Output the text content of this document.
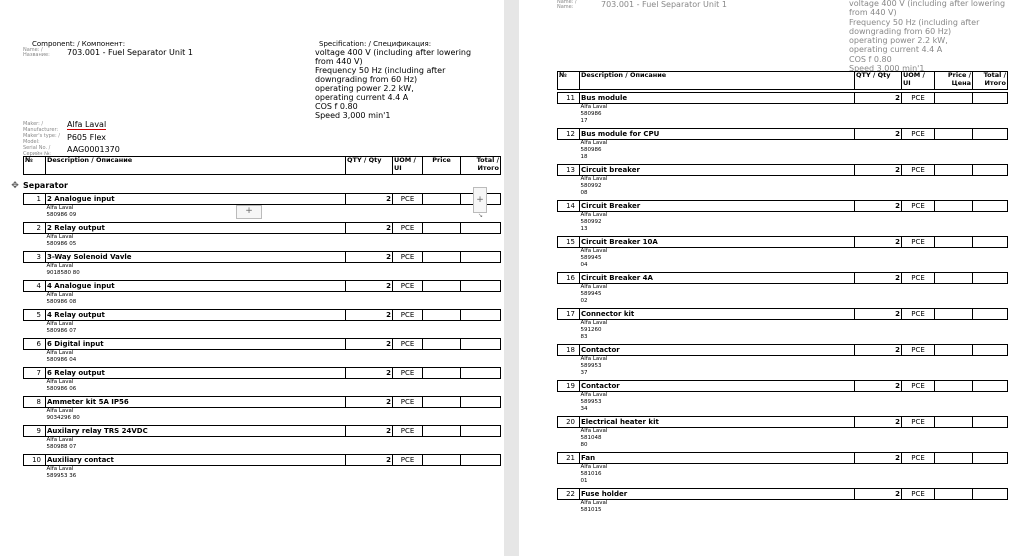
Component: / Компонент:
Name: /
Название: 703.001 - Fuel Separator Unit 1
Specification: / Спецификация:
voltage 400 V (including after lowering
from 440 V)
Frequency 50 Hz (including after
downgrading from 60 Hz)
operating power 2.2 kW,
operating current 4.4 A
COS f 0.80
Speed 3,000 min'1
Maker: /
Manufacturer:
Maker's type: /
Model:
Serial No. /
Серийн №:
Alfa Laval
P605 Flex
AAG0001370
№	Description / Описание	QTY / Qty	UOM / UI	Price	Total / Итого
✥ Separator
1	2 Analogue input	2	PCE		
	Alfa Laval				
	580986 09				

2	2 Relay output	2	PCE		
	Alfa Laval				
	580986 05				

3	3-Way Solenoid Vavle	2	PCE		
	Alfa Laval				
	9018580 80				

4	4 Analogue input	2	PCE		
	Alfa Laval				
	580986 08				

5	4 Relay output	2	PCE		
	Alfa Laval				
	580986 07				

6	6 Digital input	2	PCE		
	Alfa Laval				
	580986 04				

7	6 Relay output	2	PCE		
	Alfa Laval				
	580986 06				

8	Ammeter kit 5A IP56	2	PCE		
	Alfa Laval				
	9034296 80				

9	Auxilary relay TRS 24VDC	2	PCE		
	Alfa Laval				
	580988 07				

10	Auxiliary contact	2	PCE		
	Alfa Laval				
	589953 36				

+
+
↘
Name: /
Name:	703.001 - Fuel Separator Unit 1	voltage 400 V (including after lowering
from 440 V)
Frequency 50 Hz (including after
downgrading from 60 Hz)
operating power 2.2 kW,
operating current 4.4 A
COS f 0.80
Speed 3,000 min'1
№	Description / Описание	QTY / Qty	UOM / UI	Price / Цена	Total / Итого
11	Bus module	2	PCE		
	Alfa Laval				
	580986				
	17				

12	Bus module for CPU	2	PCE		
	Alfa Laval				
	580986				
	18				

13	Circuit breaker	2	PCE		
	Alfa Laval				
	580992				
	08				

14	Circuit Breaker	2	PCE		
	Alfa Laval				
	580992				
	13				

15	Circuit Breaker 10A	2	PCE		
	Alfa Laval				
	589945				
	04				

16	Circuit Breaker 4A	2	PCE		
	Alfa Laval				
	589945				
	02				

17	Connector kit	2	PCE		
	Alfa Laval				
	591260				
	83				

18	Contactor	2	PCE		
	Alfa Laval				
	589953				
	37				

19	Contactor	2	PCE		
	Alfa Laval				
	589953				
	34				

20	Electrical heater kit	2	PCE		
	Alfa Laval				
	581048				
	80				

21	Fan	2	PCE		
	Alfa Laval				
	581016				
	01				

22	Fuse holder	2	PCE		
	Alfa Laval				
	581015				
